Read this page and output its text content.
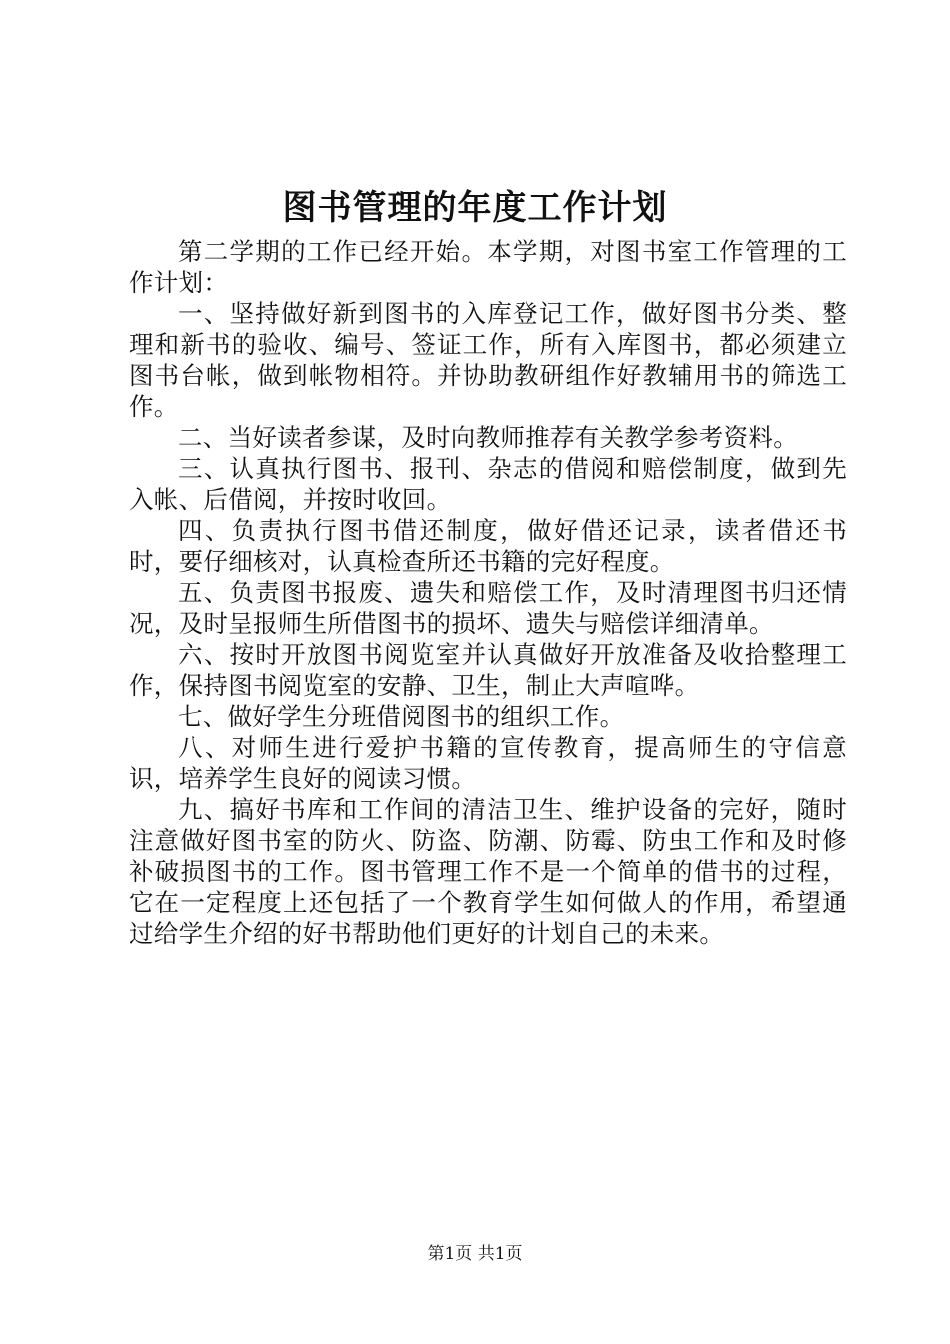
图书管理的年度工作计划

第二学期的工作已经开始。本学期，对图书室工作管理的工作计划：

一、坚持做好新到图书的入库登记工作，做好图书分类、整理和新书的验收、编号、签证工作，所有入库图书，都必须建立图书台帐，做到帐物相符。并协助教研组作好教辅用书的筛选工作。

二、当好读者参谋，及时向教师推荐有关教学参考资料。

三、认真执行图书、报刊、杂志的借阅和赔偿制度，做到先入帐、后借阅，并按时收回。

四、负责执行图书借还制度，做好借还记录，读者借还书时，要仔细核对，认真检查所还书籍的完好程度。

五、负责图书报废、遗失和赔偿工作，及时清理图书归还情况，及时呈报师生所借图书的损坏、遗失与赔偿详细清单。

六、按时开放图书阅览室并认真做好开放准备及收拾整理工作，保持图书阅览室的安静、卫生，制止大声喧哗。

七、做好学生分班借阅图书的组织工作。

八、对师生进行爱护书籍的宣传教育，提高师生的守信意识，培养学生良好的阅读习惯。

九、搞好书库和工作间的清洁卫生、维护设备的完好，随时注意做好图书室的防火、防盗、防潮、防霉、防虫工作和及时修补破损图书的工作。图书管理工作不是一个简单的借书的过程，它在一定程度上还包括了一个教育学生如何做人的作用，希望通过给学生介绍的好书帮助他们更好的计划自己的未来。

第1页 共1页
